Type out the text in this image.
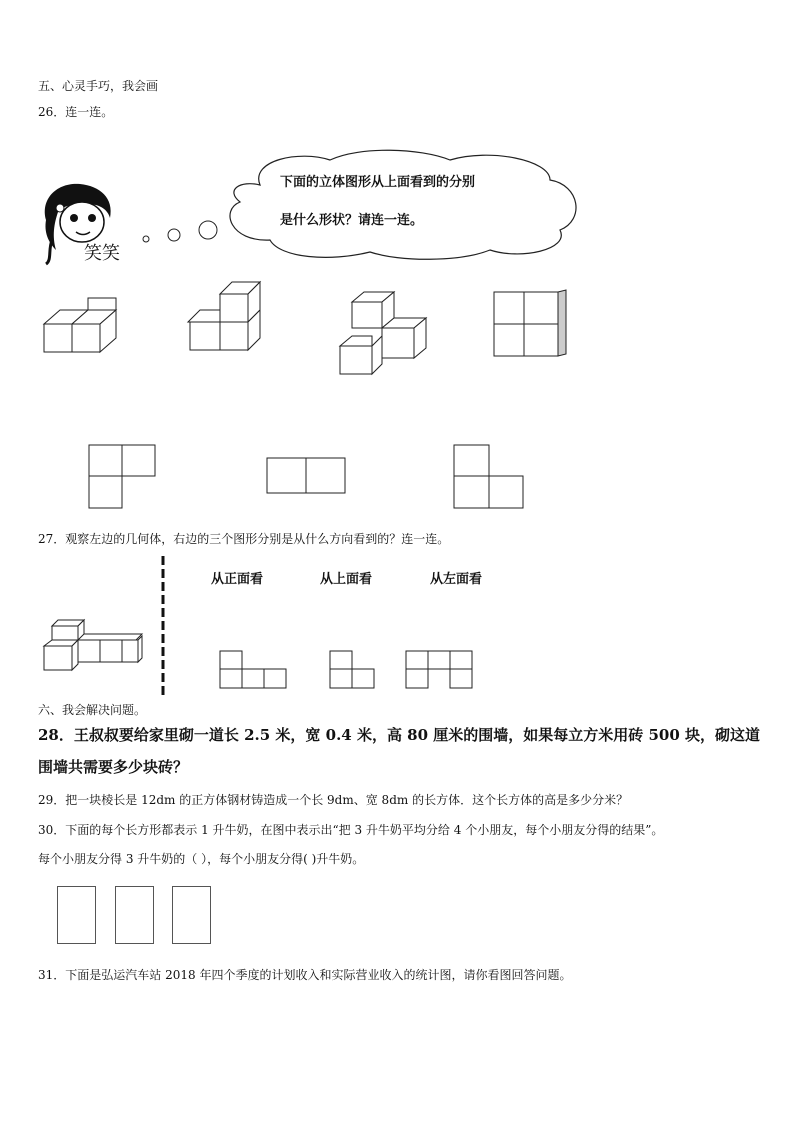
五、心灵手巧，我会画
26．连一连。
笑笑
下面的立体图形从上面看到的分别
是什么形状？请连一连。
27．观察左边的几何体，右边的三个图形分别是从什么方向看到的？连一连。
从正面看	从上面看	从左面看
六、我会解决问题。
28．王叔叔要给家里砌一道长 2.5 米，宽 0.4 米，高 80 厘米的围墙，如果每立方米用砖 500 块，砌这道
围墙共需要多少块砖？
29．把一块棱长是 12dm 的正方体钢材铸造成一个长 9dm、宽 8dm 的长方体．这个长方体的高是多少分米？
30．下面的每个长方形都表示 1 升牛奶，在图中表示出“把 3 升牛奶平均分给 4 个小朋友，每个小朋友分得的结果”。
每个小朋友分得 3 升牛奶的（ ），每个小朋友分得( )升牛奶。
31．下面是弘运汽车站 2018 年四个季度的计划收入和实际营业收入的统计图，请你看图回答问题。
